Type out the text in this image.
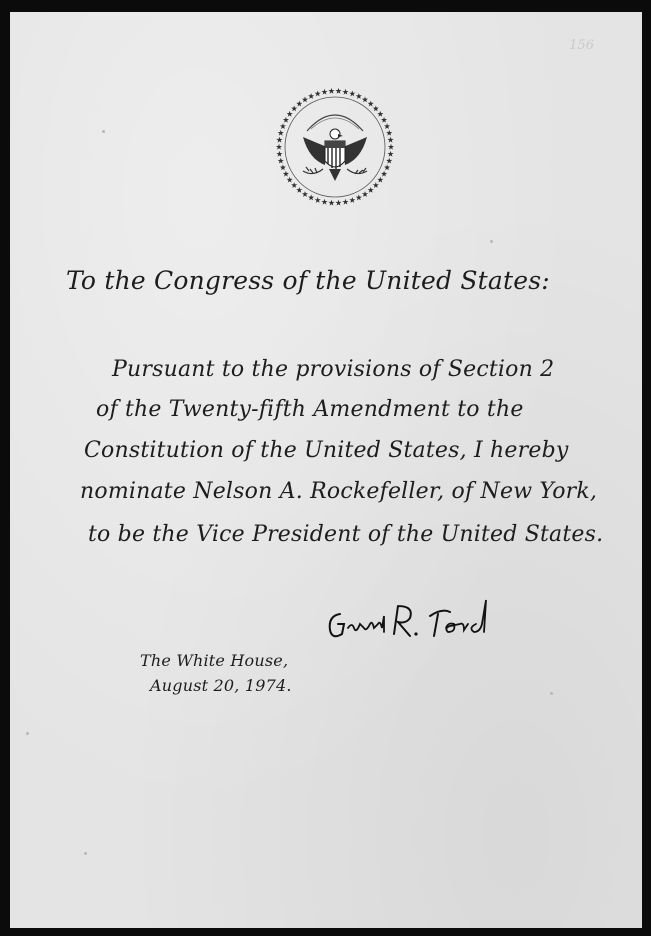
156
To the Congress of the United States:
Pursuant to the provisions of Section 2
of the Twenty-fifth Amendment to the
Constitution of the United States, I hereby
nominate Nelson A. Rockefeller, of New York,
to be the Vice President of the United States.
The White House,
August 20, 1974.
